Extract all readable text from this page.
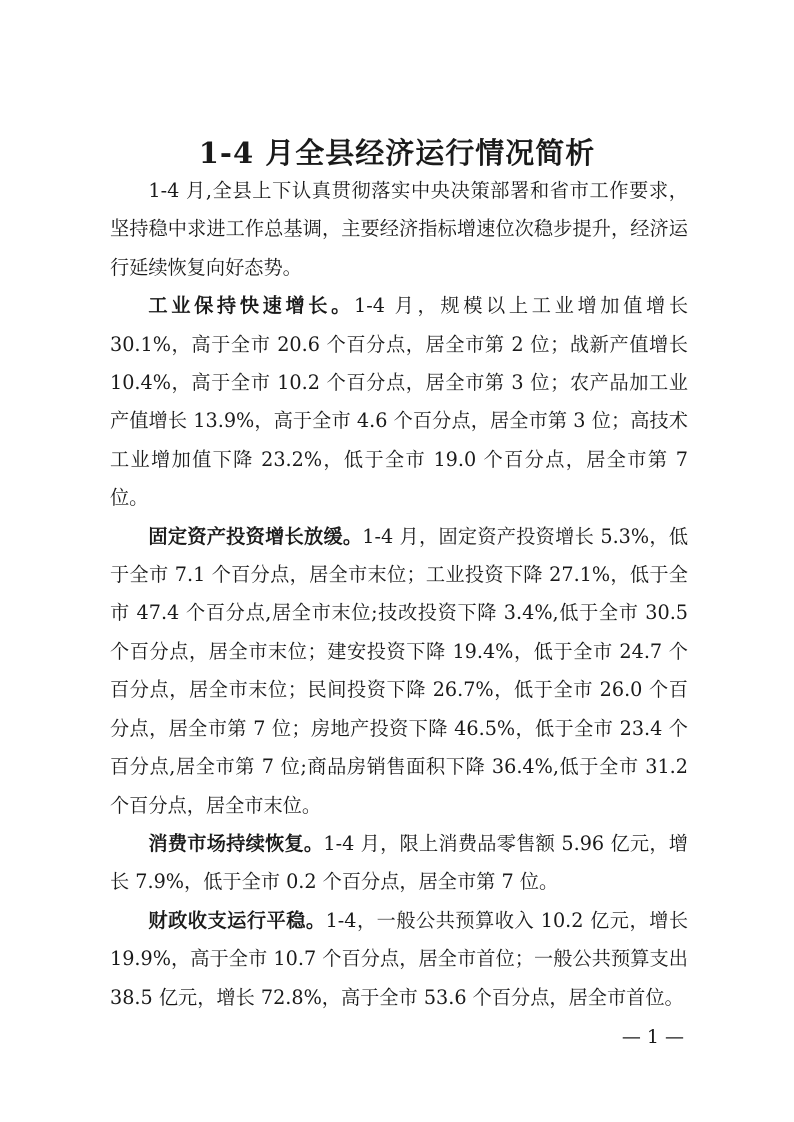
1-4 月全县经济运行情况简析

1-4 月,全县上下认真贯彻落实中央决策部署和省市工作要求，坚持稳中求进工作总基调，主要经济指标增速位次稳步提升，经济运行延续恢复向好态势。

工业保持快速增长。1-4 月，规模以上工业增加值增长 30.1%，高于全市 20.6 个百分点，居全市第 2 位；战新产值增长 10.4%，高于全市 10.2 个百分点，居全市第 3 位；农产品加工业产值增长 13.9%，高于全市 4.6 个百分点，居全市第 3 位；高技术工业增加值下降 23.2%，低于全市 19.0 个百分点，居全市第 7 位。

固定资产投资增长放缓。1-4 月，固定资产投资增长 5.3%，低于全市 7.1 个百分点，居全市末位；工业投资下降 27.1%，低于全市 47.4 个百分点,居全市末位;技改投资下降 3.4%,低于全市 30.5 个百分点，居全市末位；建安投资下降 19.4%，低于全市 24.7 个百分点，居全市末位；民间投资下降 26.7%，低于全市 26.0 个百分点，居全市第 7 位；房地产投资下降 46.5%，低于全市 23.4 个百分点,居全市第 7 位;商品房销售面积下降 36.4%,低于全市 31.2 个百分点，居全市末位。

消费市场持续恢复。1-4 月，限上消费品零售额 5.96 亿元，增长 7.9%，低于全市 0.2 个百分点，居全市第 7 位。

财政收支运行平稳。1-4，一般公共预算收入 10.2 亿元，增长 19.9%，高于全市 10.7 个百分点，居全市首位；一般公共预算支出 38.5 亿元，增长 72.8%，高于全市 53.6 个百分点，居全市首位。

— 1 —
